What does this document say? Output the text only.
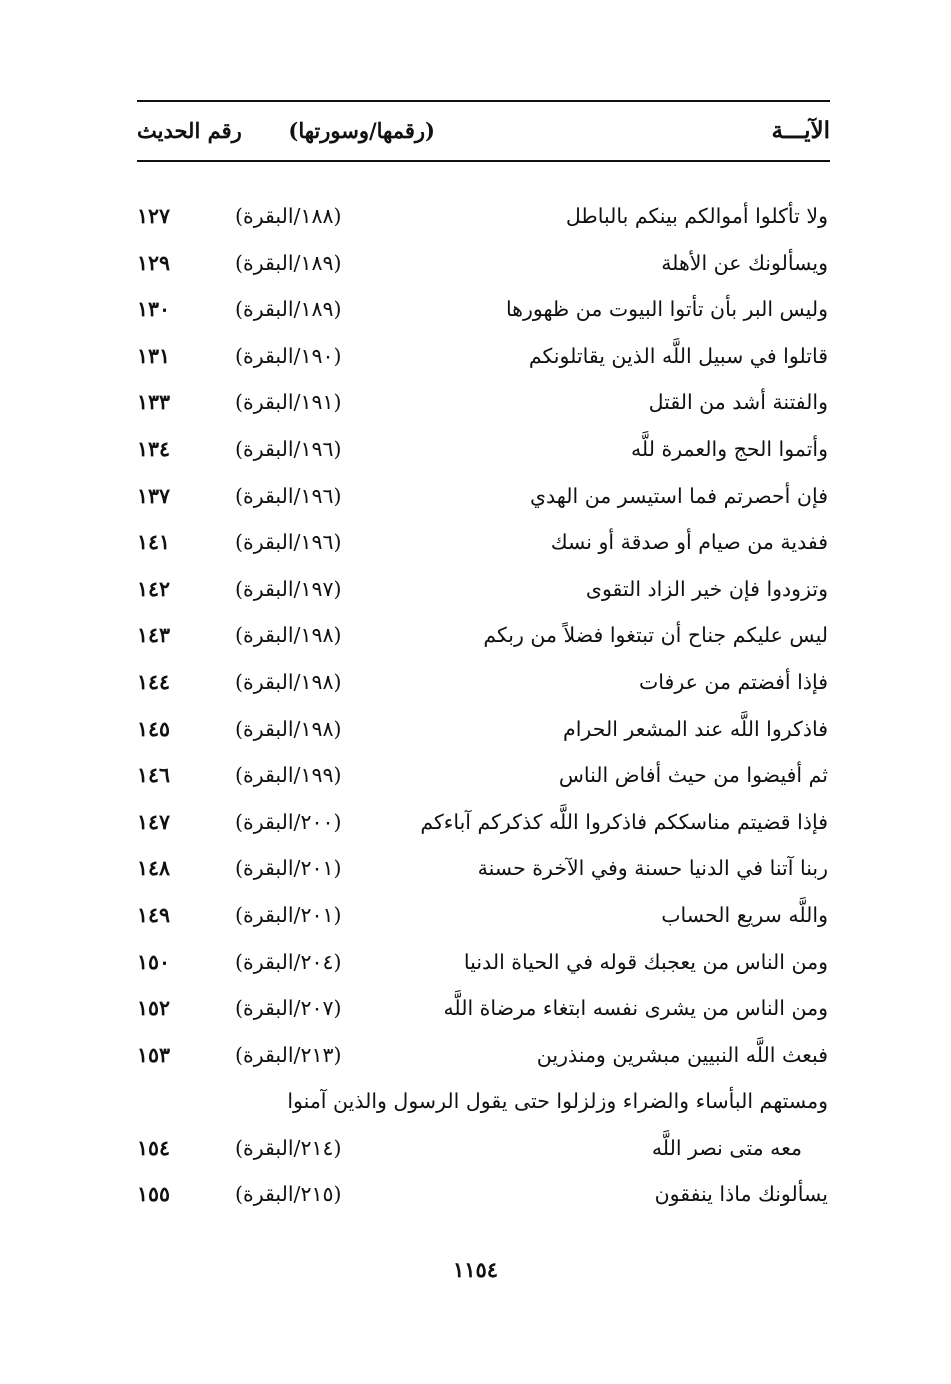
الآيـــة
(رقمها/وسورتها)
رقم الحديث
ولا تأكلوا أموالكم بينكم بالباطل
(١٨٨/البقرة)
١٢٧
ويسألونك عن الأهلة
(١٨٩/البقرة)
١٢٩
وليس البر بأن تأتوا البيوت من ظهورها
(١٨٩/البقرة)
١٣٠
قاتلوا في سبيل اللَّه الذين يقاتلونكم
(١٩٠/البقرة)
١٣١
والفتنة أشد من القتل
(١٩١/البقرة)
١٣٣
وأتموا الحج والعمرة للَّه
(١٩٦/البقرة)
١٣٤
فإن أحصرتم فما استيسر من الهدي
(١٩٦/البقرة)
١٣٧
ففدية من صيام أو صدقة أو نسك
(١٩٦/البقرة)
١٤١
وتزودوا فإن خير الزاد التقوى
(١٩٧/البقرة)
١٤٢
ليس عليكم جناح أن تبتغوا فضلاً من ربكم
(١٩٨/البقرة)
١٤٣
فإذا أفضتم من عرفات
(١٩٨/البقرة)
١٤٤
فاذكروا اللَّه عند المشعر الحرام
(١٩٨/البقرة)
١٤٥
ثم أفيضوا من حيث أفاض الناس
(١٩٩/البقرة)
١٤٦
فإذا قضيتم مناسككم فاذكروا اللَّه كذكركم آباءكم
(٢٠٠/البقرة)
١٤٧
ربنا آتنا في الدنيا حسنة وفي الآخرة حسنة
(٢٠١/البقرة)
١٤٨
واللَّه سريع الحساب
(٢٠١/البقرة)
١٤٩
ومن الناس من يعجبك قوله في الحياة الدنيا
(٢٠٤/البقرة)
١٥٠
ومن الناس من يشرى نفسه ابتغاء مرضاة اللَّه
(٢٠٧/البقرة)
١٥٢
فبعث اللَّه النبيين مبشرين ومنذرين
(٢١٣/البقرة)
١٥٣
ومستهم البأساء والضراء وزلزلوا حتى يقول الرسول والذين آمنوا
معه متى نصر اللَّه
(٢١٤/البقرة)
١٥٤
يسألونك ماذا ينفقون
(٢١٥/البقرة)
١٥٥
١١٥٤
